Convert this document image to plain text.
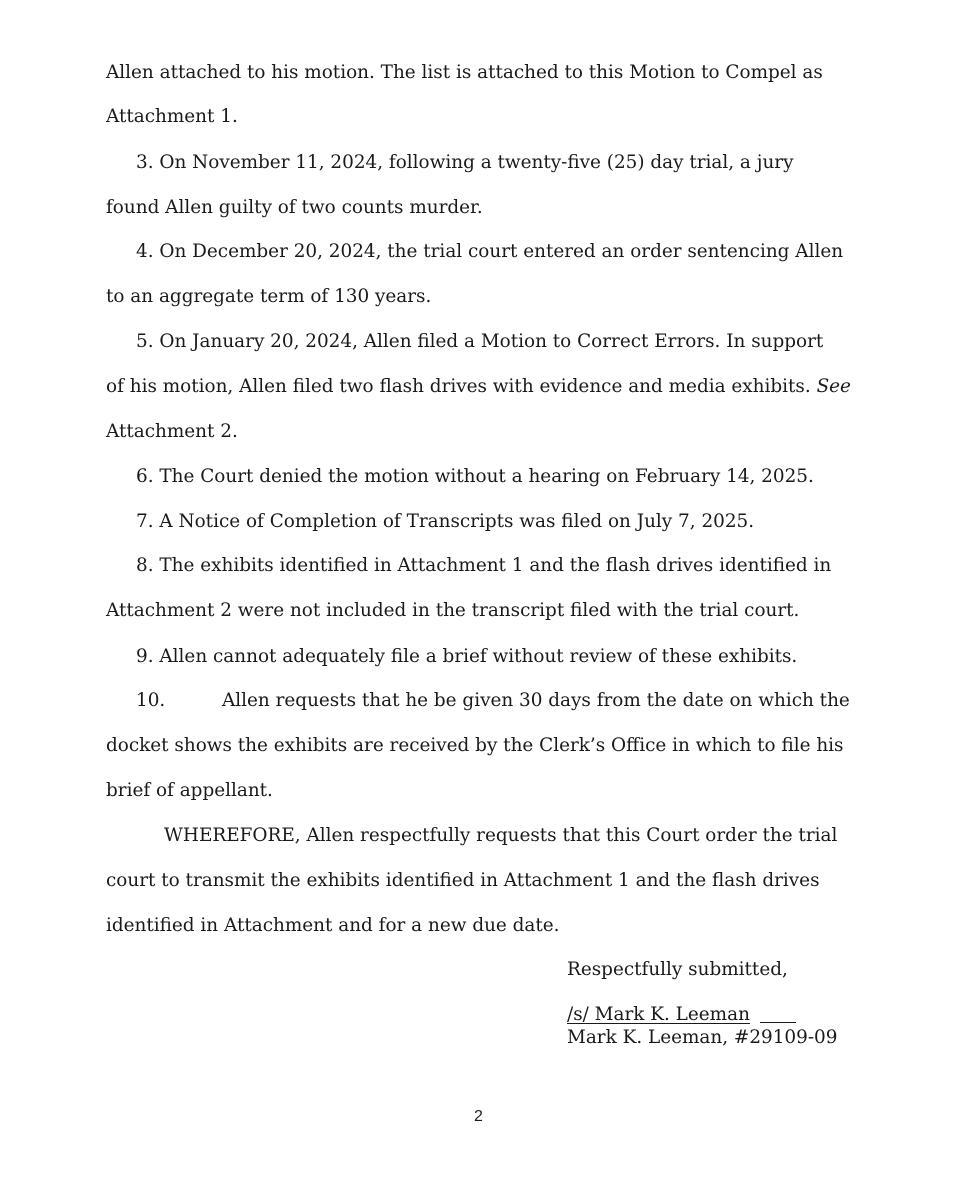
Allen attached to his motion. The list is attached to this Motion to Compel as
Attachment 1.
3. On November 11, 2024, following a twenty-five (25) day trial, a jury
found Allen guilty of two counts murder.
4. On December 20, 2024, the trial court entered an order sentencing Allen
to an aggregate term of 130 years.
5. On January 20, 2024, Allen filed a Motion to Correct Errors. In support
of his motion, Allen filed two flash drives with evidence and media exhibits. See
Attachment 2.
6. The Court denied the motion without a hearing on February 14, 2025.
7. A Notice of Completion of Transcripts was filed on July 7, 2025.
8. The exhibits identified in Attachment 1 and the flash drives identified in
Attachment 2 were not included in the transcript filed with the trial court.
9. Allen cannot adequately file a brief without review of these exhibits.
10.	Allen requests that he be given 30 days from the date on which the
docket shows the exhibits are received by the Clerk’s Office in which to file his
brief of appellant.
WHEREFORE, Allen respectfully requests that this Court order the trial
court to transmit the exhibits identified in Attachment 1 and the flash drives
identified in Attachment and for a new due date.
Respectfully submitted,
/s/ Mark K. Leeman
Mark K. Leeman, #29109-09
2
